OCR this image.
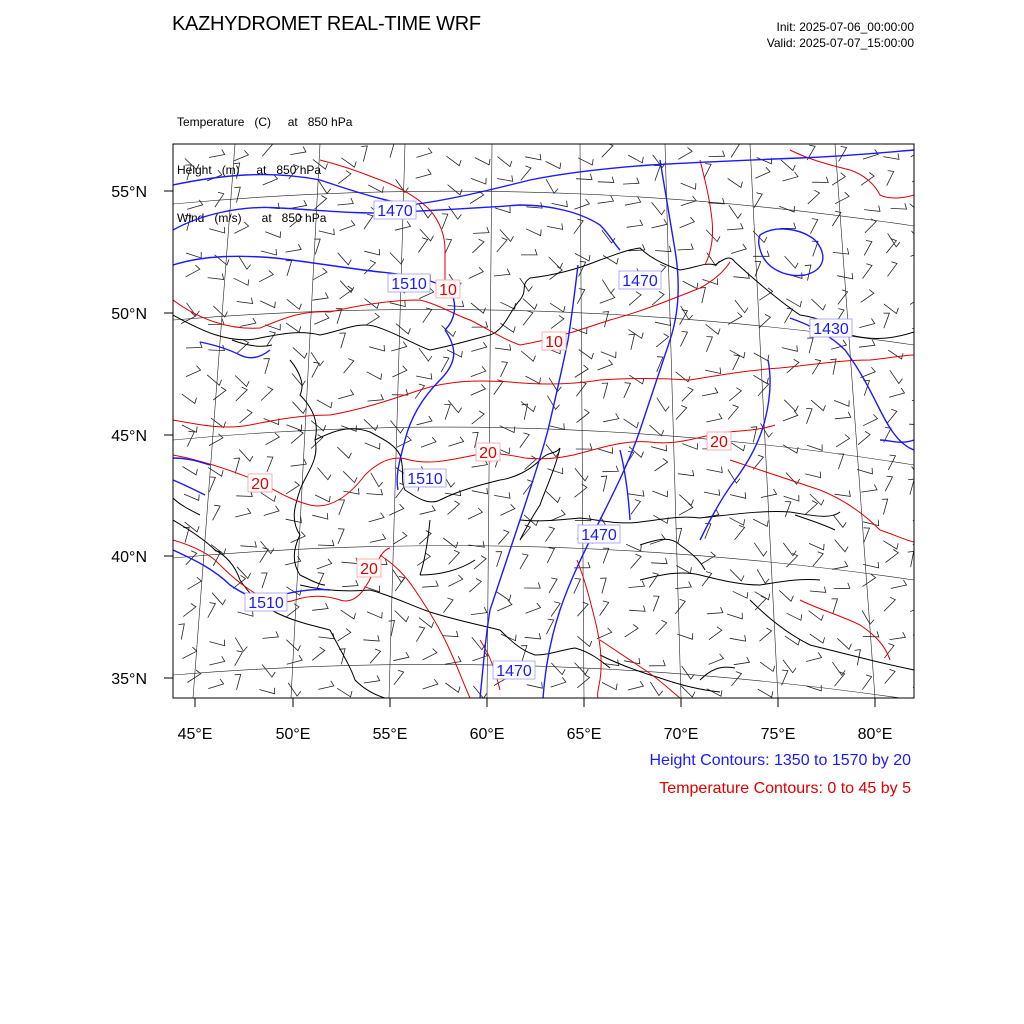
KAZHYDROMET REAL-TIME WRF	Init: 2025-07-06_00:00:00
Valid: 2025-07-07_15:00:00

Temperature   (C)     at   850 hPa

Height   (m)     at   850 hPa

Wind   (m/s)      at   850 hPa	1470
1510	1470
1430
1510
1470
1510
1470
10
10
20
20
20
20
55°N
50°N
45°N
40°N
35°N
45°E	50°E	55°E	60°E	65°E	70°E	75°E	80°E
Height Contours: 1350 to 1570 by 20
Temperature Contours: 0 to 45 by 5
